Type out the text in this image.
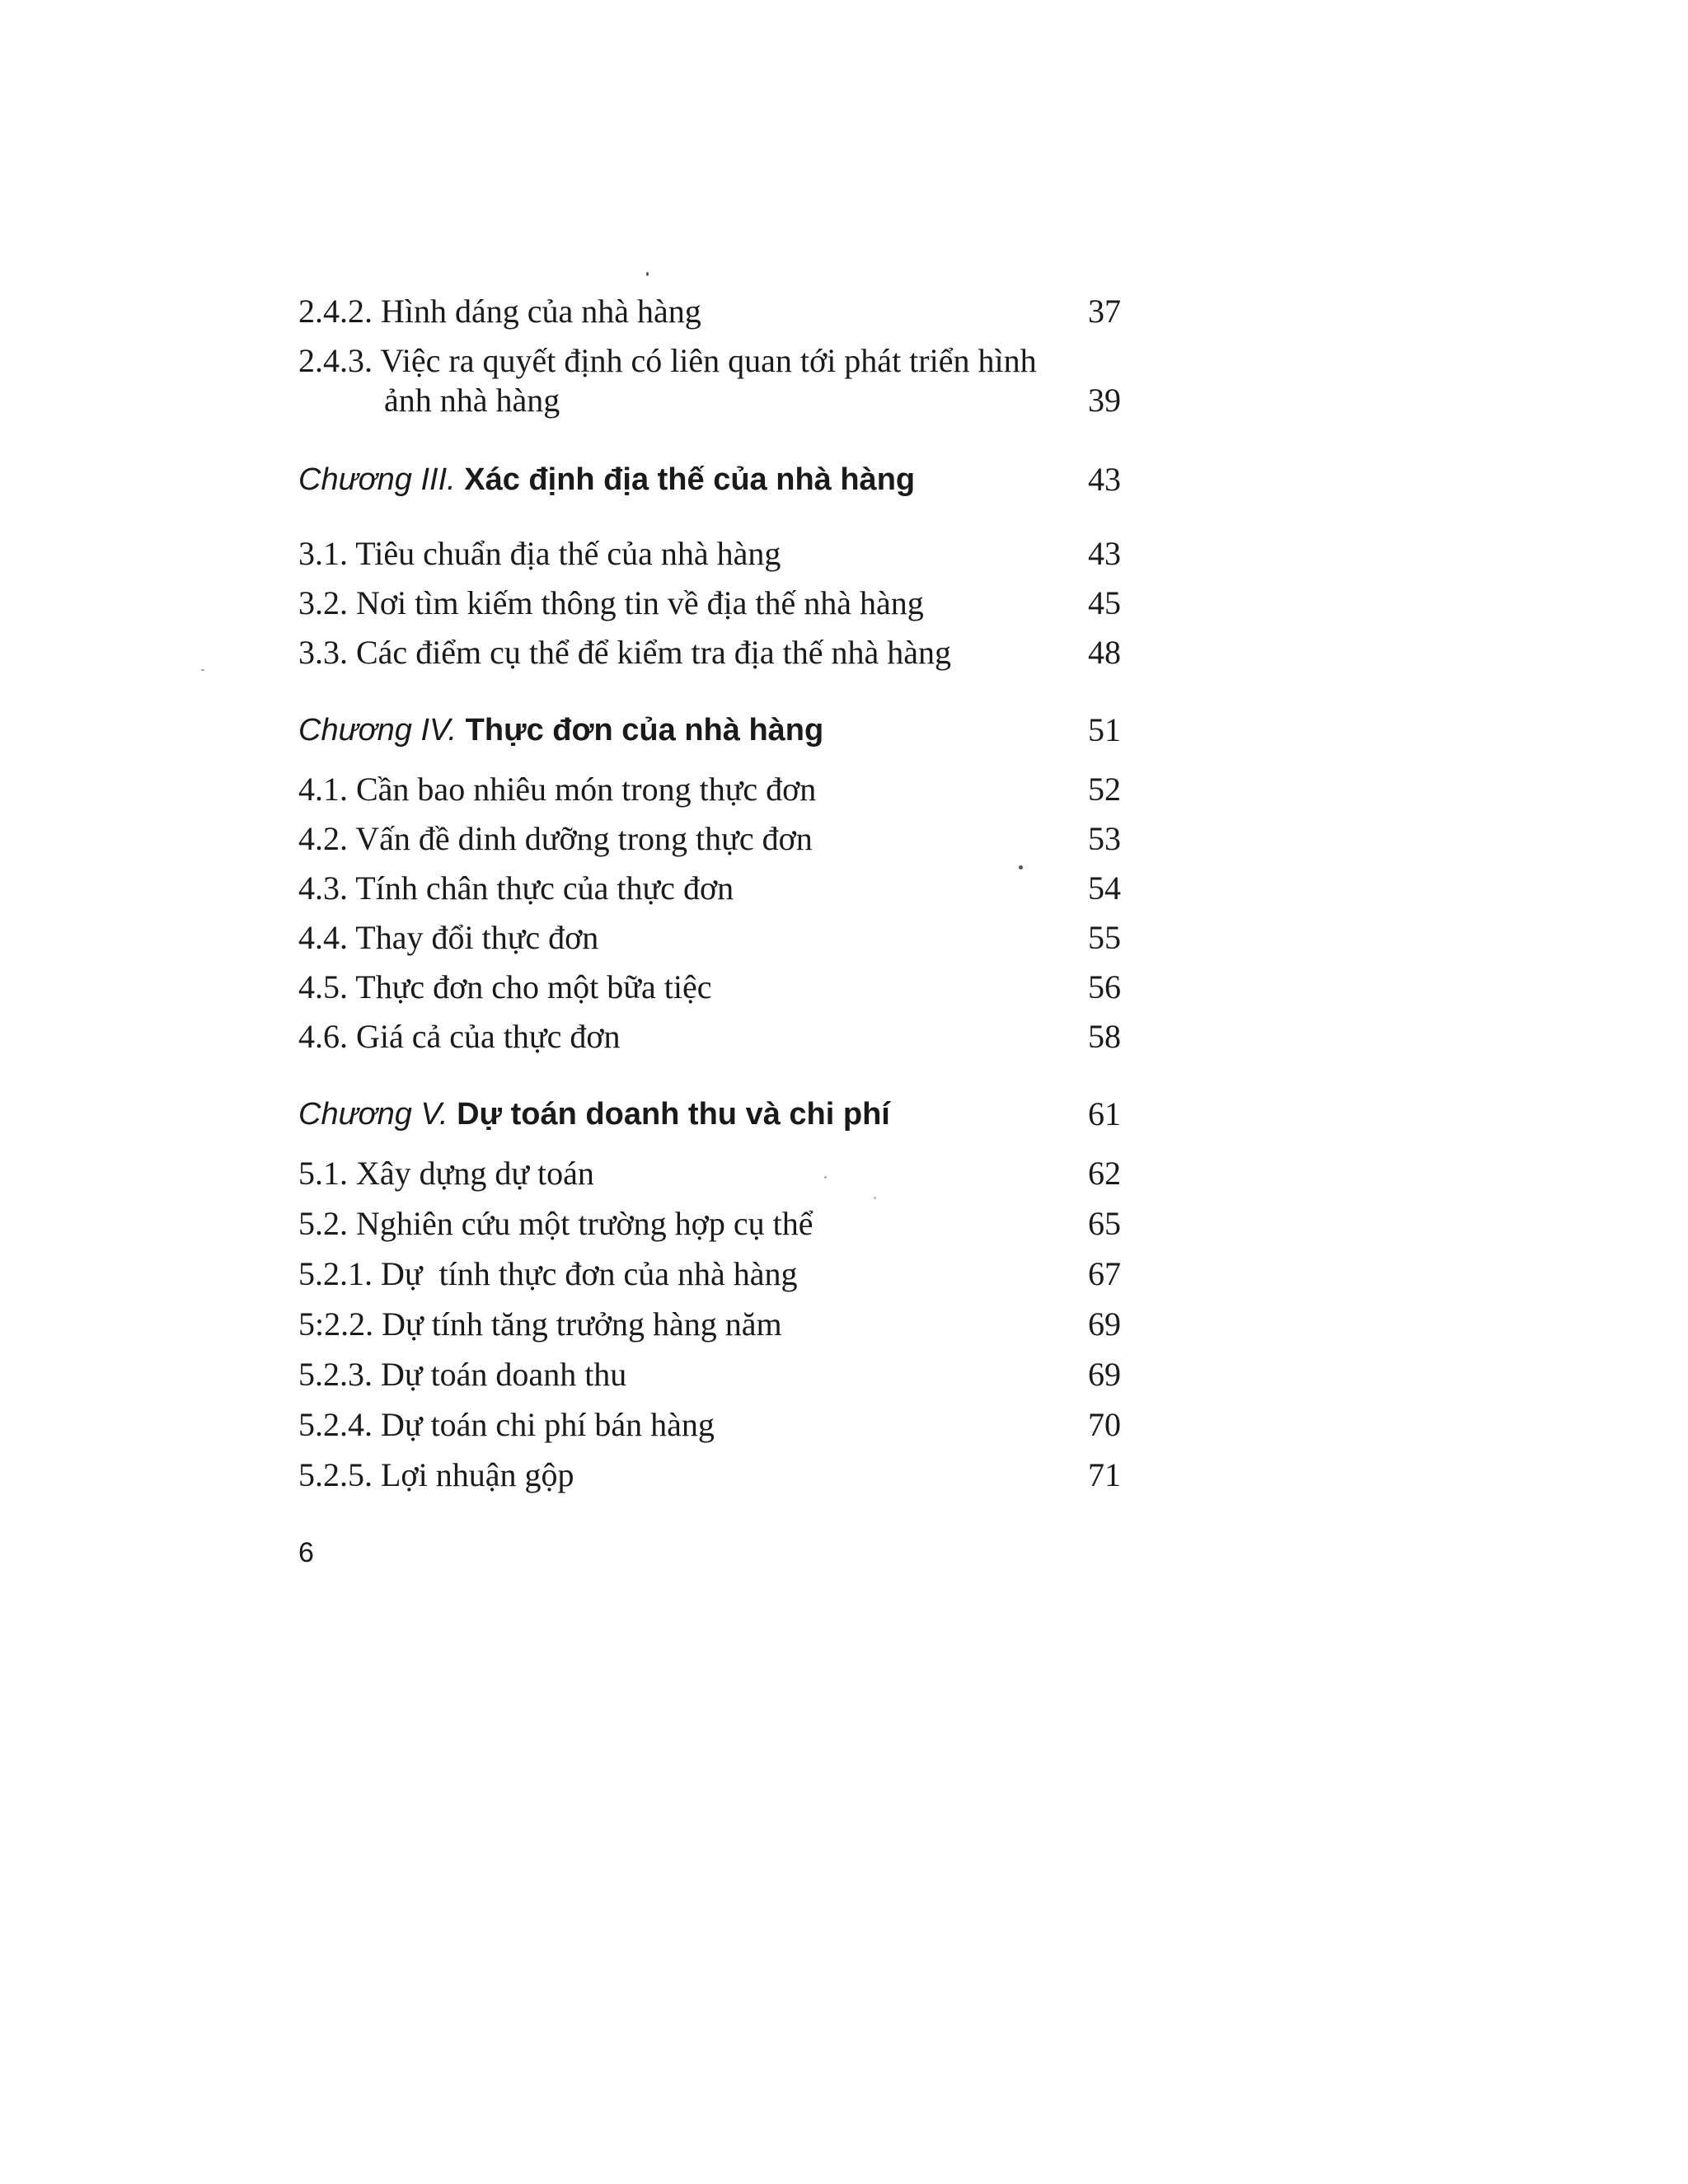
2.4.2. Hình dáng của nhà hàng	37
2.4.3. Việc ra quyết định có liên quan tới phát triển hình
ảnh nhà hàng	39
Chương III. Xác định địa thế của nhà hàng	43
3.1. Tiêu chuẩn địa thế của nhà hàng	43
3.2. Nơi tìm kiếm thông tin về địa thế nhà hàng	45
3.3. Các điểm cụ thể để kiểm tra địa thế nhà hàng	48
Chương IV. Thực đơn của nhà hàng	51
4.1. Cần bao nhiêu món trong thực đơn	52
4.2. Vấn đề dinh dưỡng trong thực đơn	53
4.3. Tính chân thực của thực đơn	54
4.4. Thay đổi thực đơn	55
4.5. Thực đơn cho một bữa tiệc	56
4.6. Giá cả của thực đơn	58
Chương V. Dự toán doanh thu và chi phí	61
5.1. Xây dựng dự toán	62
5.2. Nghiên cứu một trường hợp cụ thể	65
5.2.1. Dự  tính thực đơn của nhà hàng	67
5:2.2. Dự tính tăng trưởng hàng năm	69
5.2.3. Dự toán doanh thu	69
5.2.4. Dự toán chi phí bán hàng	70
5.2.5. Lợi nhuận gộp	71
6
